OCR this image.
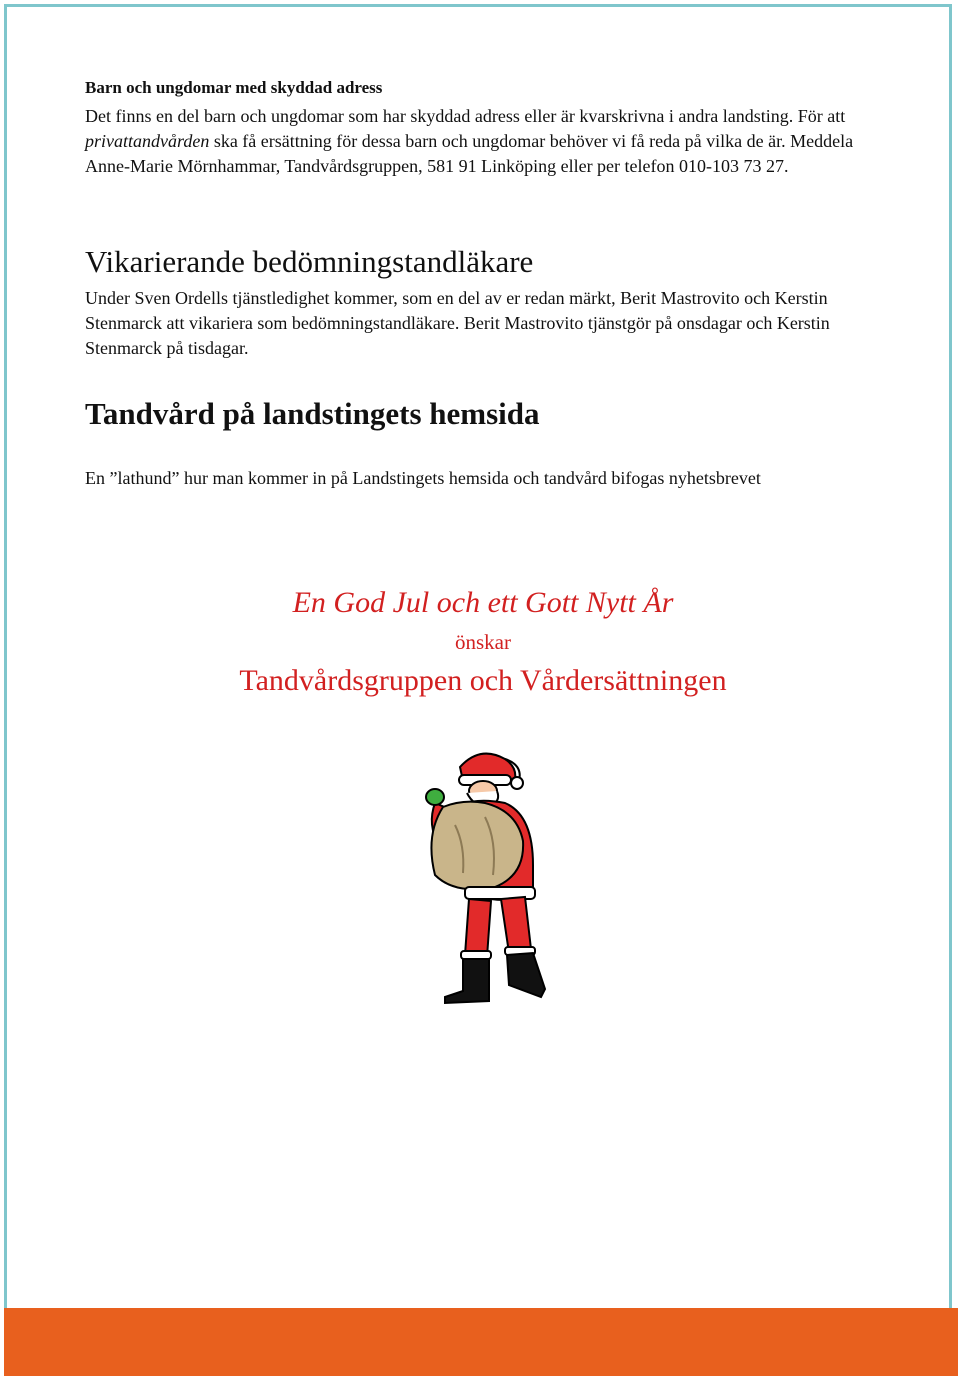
Barn och ungdomar med skyddad adress

Det finns en del barn och ungdomar som har skyddad adress eller är kvarskrivna i andra landsting. För att privattandvården ska få ersättning för dessa barn och ungdomar behöver vi få reda på vilka de är. Meddela Anne-Marie Mörnhammar, Tandvårdsgruppen, 581 91 Linköping eller per telefon 010-103 73 27.

Vikarierande bedömningstandläkare

Under Sven Ordells tjänstledighet kommer, som en del av er redan märkt, Berit Mastrovito och Kerstin Stenmarck att vikariera som bedömningstandläkare. Berit Mastrovito tjänstgör på onsdagar och Kerstin Stenmarck på tisdagar.

Tandvård på landstingets hemsida

En ”lathund” hur man kommer in på Landstingets hemsida och tandvård bifogas nyhetsbrevet

En God Jul och ett Gott Nytt År

önskar

Tandvårdsgruppen och Vårdersättningen
